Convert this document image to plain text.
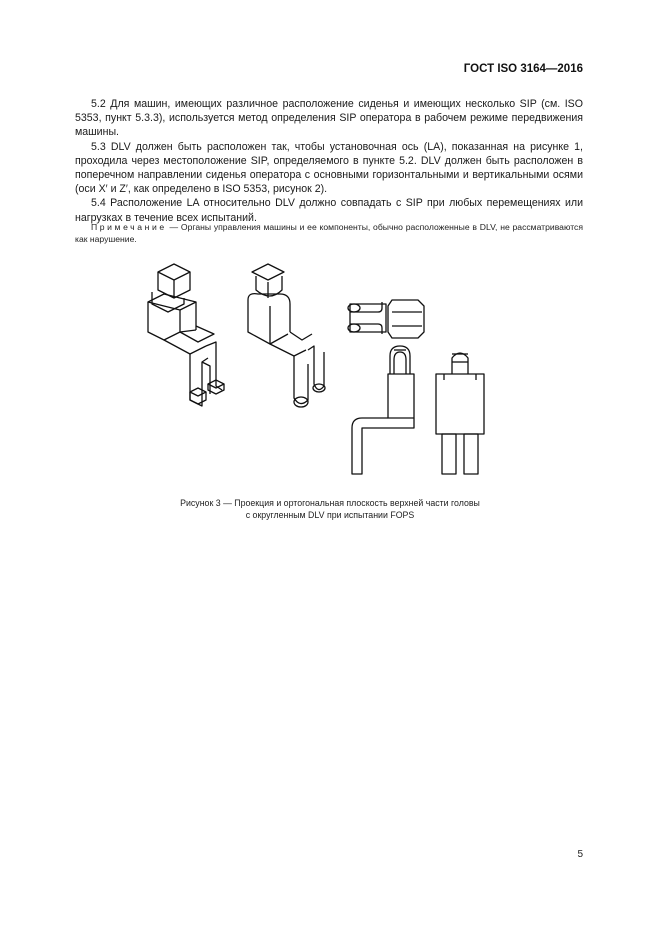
ГОСТ ISO 3164—2016

5.2 Для машин, имеющих различное расположение сиденья и имеющих несколько SIP (см. ISO 5353, пункт 5.3.3), используется метод определения SIP оператора в рабочем режиме передвижения машины.

5.3 DLV должен быть расположен так, чтобы установочная ось (LA), показанная на рисунке 1, проходила через местоположение SIP, определяемого в пункте 5.2. DLV должен быть расположен в поперечном направлении сиденья оператора с основными горизонтальными и вертикальными осями (оси X′ и Z′, как определено в ISO 5353, рисунок 2).

5.4 Расположение LA относительно DLV должно совпадать с SIP при любых перемещениях или нагрузках в течение всех испытаний.

Примечание — Органы управления машины и ее компоненты, обычно расположенные в DLV, не рассматриваются как нарушение.
Рисунок 3 — Проекция и ортогональная плоскость верхней части головы
с округленным DLV при испытании FOPS
5
